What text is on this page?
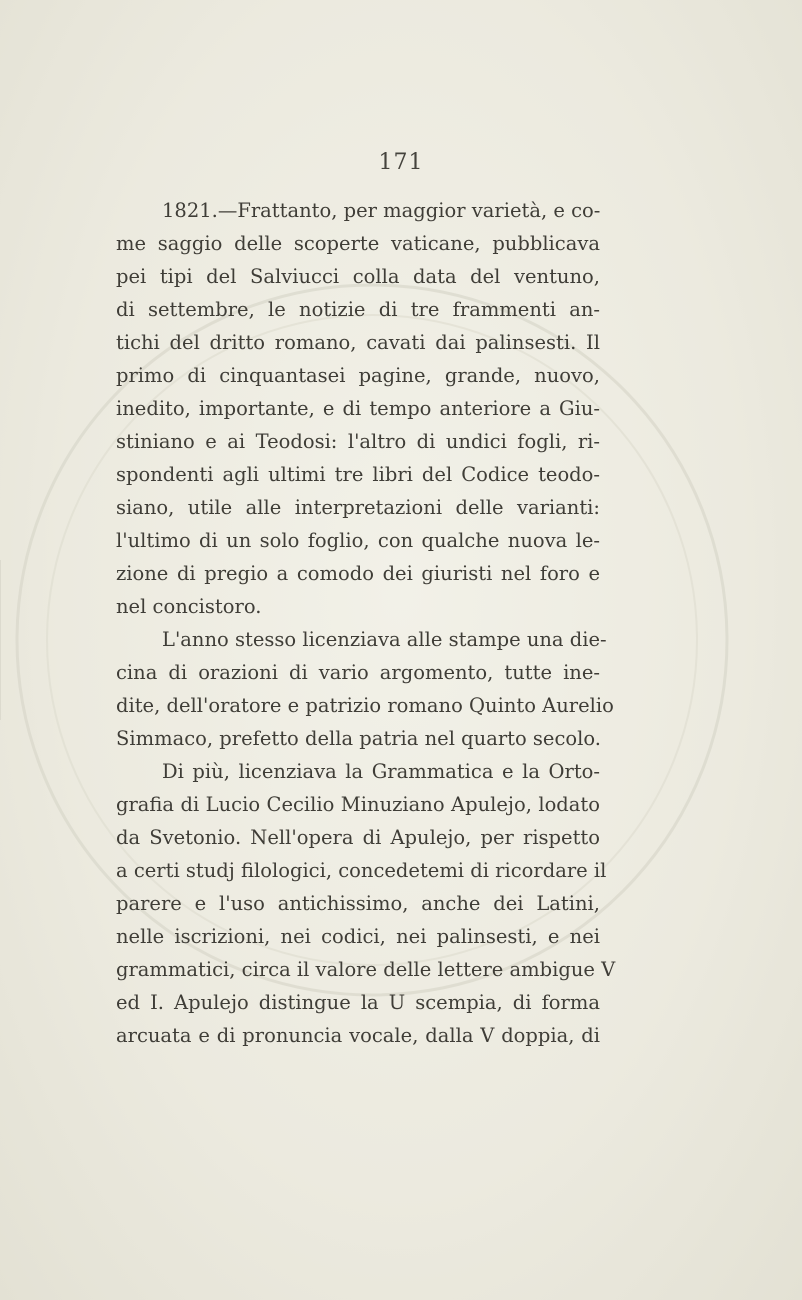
171
1821.—Frattanto, per maggior varietà, e co-
me saggio delle scoperte vaticane, pubblicava
pei tipi del Salviucci colla data del ventuno,
di settembre, le notizie di tre frammenti an-
tichi del dritto romano, cavati dai palinsesti. Il
primo di cinquantasei pagine, grande, nuovo,
inedito, importante, e di tempo anteriore a Giu-
stiniano e ai Teodosi: l'altro di undici fogli, ri-
spondenti agli ultimi tre libri del Codice teodo-
siano, utile alle interpretazioni delle varianti:
l'ultimo di un solo foglio, con qualche nuova le-
zione di pregio a comodo dei giuristi nel foro e
nel concistoro.
L'anno stesso licenziava alle stampe una die-
cina di orazioni di vario argomento, tutte ine-
dite, dell'oratore e patrizio romano Quinto Aurelio
Simmaco, prefetto della patria nel quarto secolo.
Di più, licenziava la Grammatica e la Orto-
grafia di Lucio Cecilio Minuziano Apulejo, lodato
da Svetonio. Nell'opera di Apulejo, per rispetto
a certi studj filologici, concedetemi di ricordare il
parere e l'uso antichissimo, anche dei Latini,
nelle iscrizioni, nei codici, nei palinsesti, e nei
grammatici, circa il valore delle lettere ambigue V
ed I. Apulejo distingue la U scempia, di forma
arcuata e di pronuncia vocale, dalla V doppia, di
